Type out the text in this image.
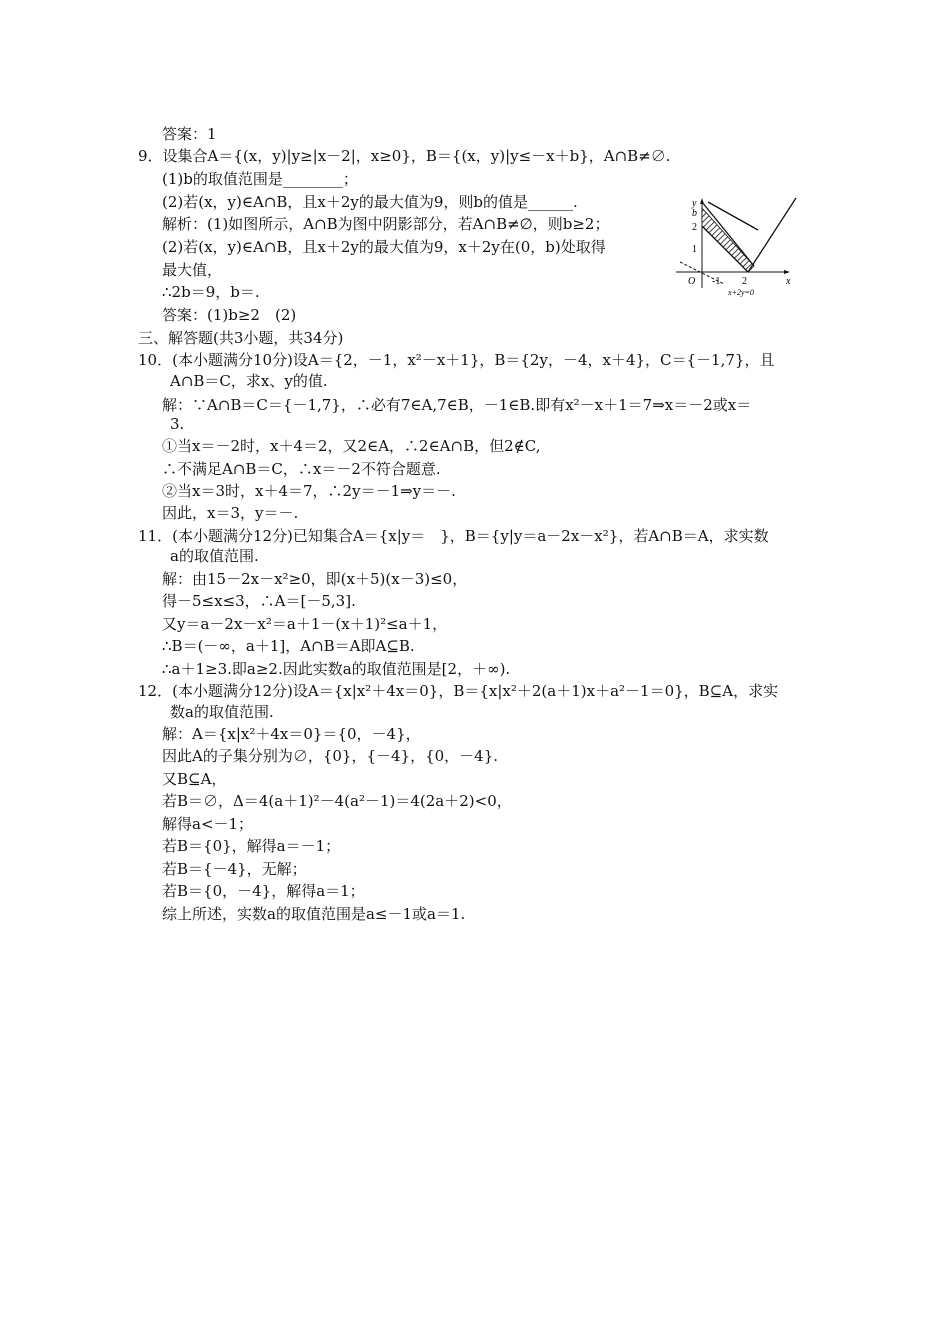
答案：1
9．设集合A＝{(x，y)|y≥|x－2|，x≥0}，B＝{(x，y)|y≤－x＋b}，A∩B≠∅.
(1)b的取值范围是________；
(2)若(x，y)∈A∩B，且x＋2y的最大值为9，则b的值是______.
解析：(1)如图所示，A∩B为图中阴影部分，若A∩B≠∅，则b≥2；
(2)若(x，y)∈A∩B，且x＋2y的最大值为9，x＋2y在(0，b)处取得
最大值，
∴2b＝9，b＝.
答案：(1)b≥2　(2)
三、解答题(共3小题，共34分)
10．(本小题满分10分)设A＝{2，－1，x²－x＋1}，B＝{2y，－4，x＋4}，C＝{－1,7}，且
A∩B＝C，求x、y的值.
解：∵A∩B＝C＝{－1,7}，∴必有7∈A,7∈B，－1∈B.即有x²－x＋1＝7⇒x＝－2或x＝
3.
①当x＝－2时，x＋4＝2，又2∈A，∴2∈A∩B，但2∉C,
∴不满足A∩B＝C，∴x＝－2不符合题意.
②当x＝3时，x＋4＝7，∴2y＝－1⇒y＝－.
因此，x＝3，y＝－.
11．(本小题满分12分)已知集合A＝{x|y＝　}，B＝{y|y＝a－2x－x²}，若A∩B＝A，求实数
a的取值范围.
解：由15－2x－x²≥0，即(x＋5)(x－3)≤0，
得－5≤x≤3，∴A＝[－5,3].
又y＝a－2x－x²＝a＋1－(x＋1)²≤a＋1，
∴B＝(－∞，a＋1]，A∩B＝A即A⊆B.
∴a＋1≥3.即a≥2.因此实数a的取值范围是[2，＋∞).
12．(本小题满分12分)设A＝{x|x²＋4x＝0}，B＝{x|x²＋2(a＋1)x＋a²－1＝0}，B⊆A，求实
数a的取值范围.
解：A＝{x|x²＋4x＝0}＝{0，－4}，
因此A的子集分别为∅，{0}，{－4}，{0，－4}.
又B⊆A，
若B＝∅，Δ＝4(a＋1)²－4(a²－1)＝4(2a＋2)<0，
解得a<－1；
若B＝{0}，解得a＝－1；
若B＝{－4}，无解；
若B＝{0，－4}，解得a＝1；
综上所述，实数a的取值范围是a≤－1或a＝1.
y
x
b
2
1
O -1 2
x+2y=0
